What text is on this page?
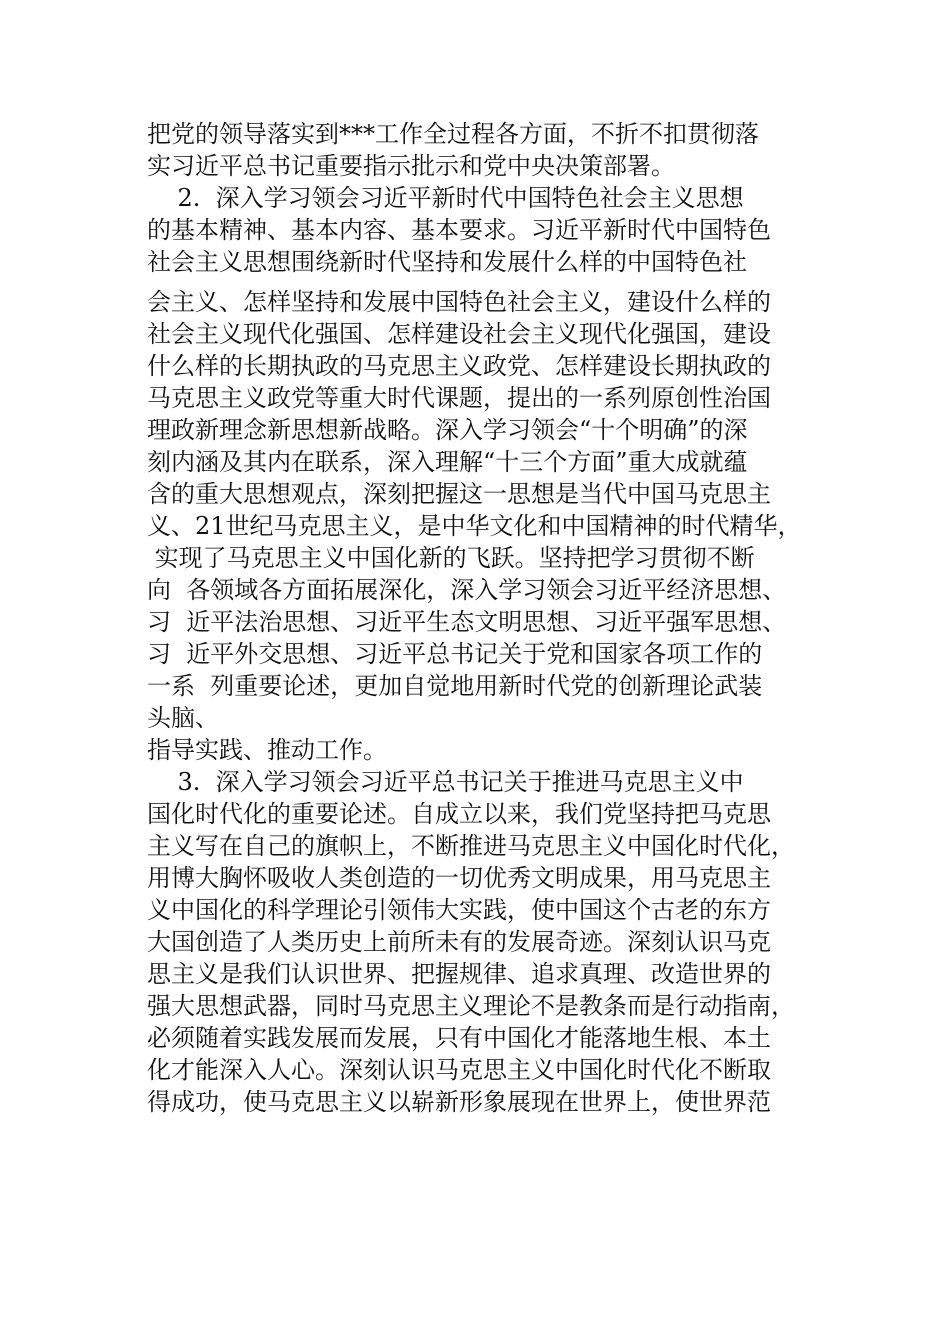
把党的领导落实到***工作全过程各方面，不折不扣贯彻落
实习近平总书记重要指示批示和党中央决策部署。
2.  深入学习领会习近平新时代中国特色社会主义思想
的基本精神、基本内容、基本要求。习近平新时代中国特色
社会主义思想围绕新时代坚持和发展什么样的中国特色社
会主义、怎样坚持和发展中国特色社会主义，建设什么样的
社会主义现代化强国、怎样建设社会主义现代化强国，建设
什么样的长期执政的马克思主义政党、怎样建设长期执政的
马克思主义政党等重大时代课题，提出的一系列原创性治国
理政新理念新思想新战略。深入学习领会“十个明确”的深
刻内涵及其内在联系，深入理解“十三个方面”重大成就蕴
含的重大思想观点，深刻把握这一思想是当代中国马克思主
义、21世纪马克思主义，是中华文化和中国精神的时代精华，
实现了马克思主义中国化新的飞跃。坚持把学习贯彻不断
向  各领域各方面拓展深化，深入学习领会习近平经济思想、
习  近平法治思想、习近平生态文明思想、习近平强军思想、
习  近平外交思想、习近平总书记关于党和国家各项工作的
一系  列重要论述，更加自觉地用新时代党的创新理论武装
头脑、
指导实践、推动工作。
3.  深入学习领会习近平总书记关于推进马克思主义中
国化时代化的重要论述。自成立以来，我们党坚持把马克思
主义写在自己的旗帜上，不断推进马克思主义中国化时代化，
用博大胸怀吸收人类创造的一切优秀文明成果，用马克思主
义中国化的科学理论引领伟大实践，使中国这个古老的东方
大国创造了人类历史上前所未有的发展奇迹。深刻认识马克
思主义是我们认识世界、把握规律、追求真理、改造世界的
强大思想武器，同时马克思主义理论不是教条而是行动指南，
必须随着实践发展而发展，只有中国化才能落地生根、本土
化才能深入人心。深刻认识马克思主义中国化时代化不断取
得成功，使马克思主义以崭新形象展现在世界上，使世界范
